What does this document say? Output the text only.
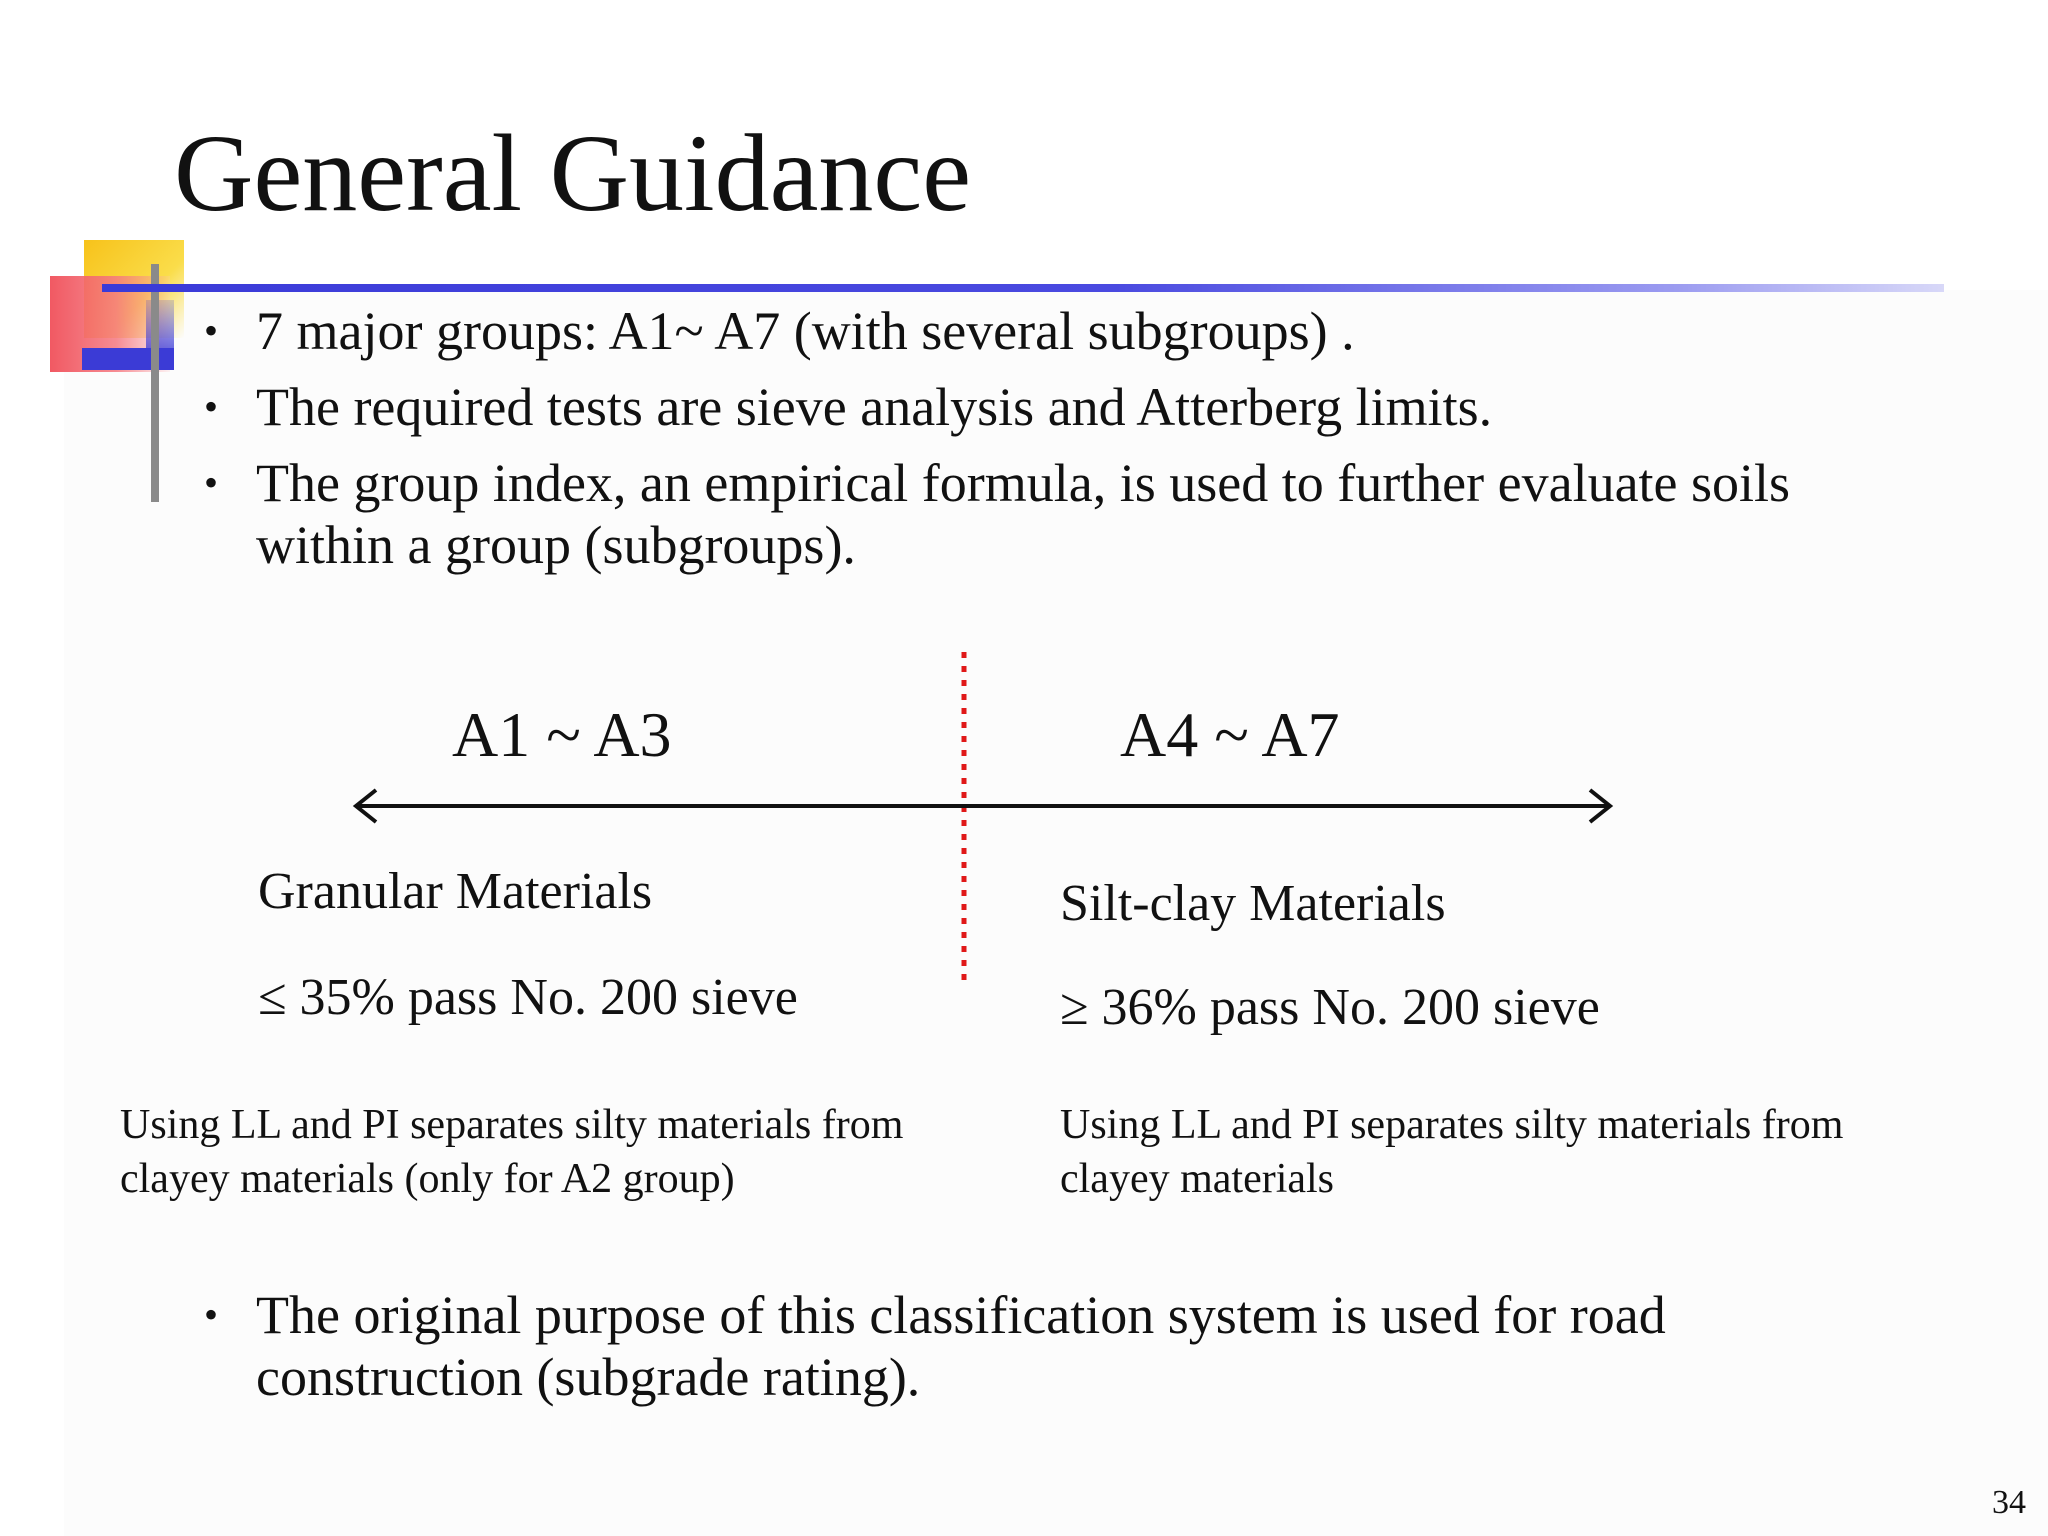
General Guidance
• 7 major groups: A1~ A7 (with several subgroups) .
• The required tests are sieve analysis and Atterberg limits.
• The group index, an empirical formula, is used to further evaluate soils within a group (subgroups).
A1 ~ A3	A4 ~ A7
Granular Materials	Silt-clay Materials
≤ 35% pass No. 200 sieve	≥ 36% pass No. 200 sieve
Using LL and PI separates silty materials from clayey materials (only for A2 group)
Using LL and PI separates silty materials from clayey materials
• The original purpose of this classification system is used for road construction (subgrade rating).
34
